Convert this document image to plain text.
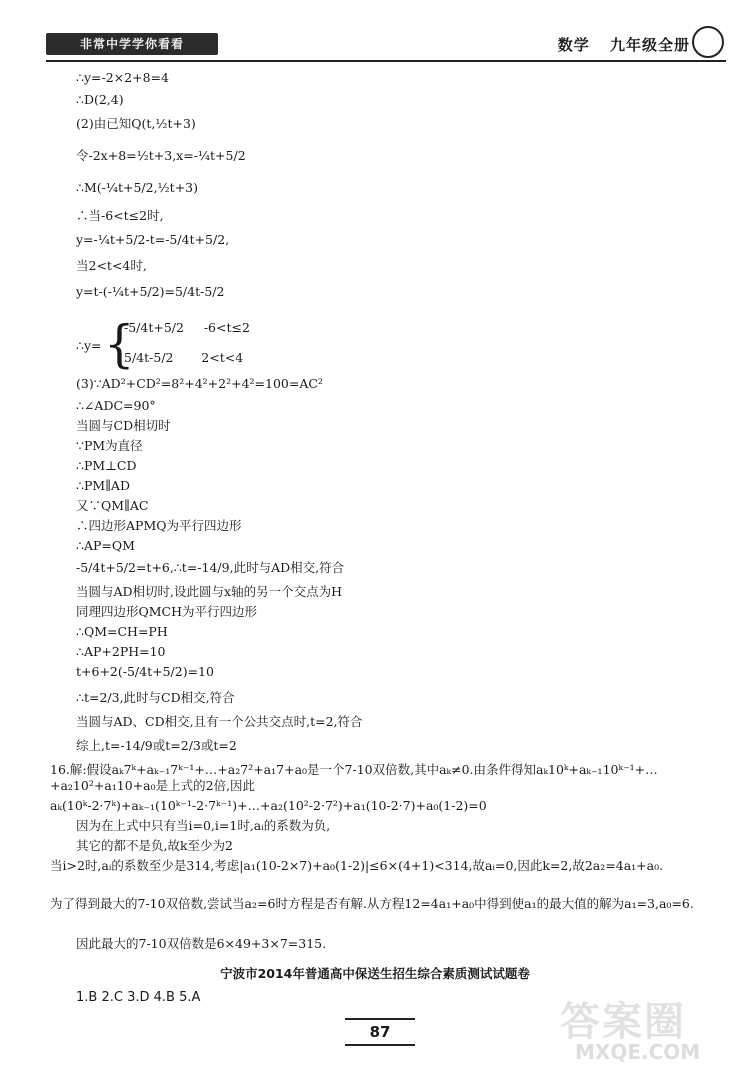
非常中学学你看看	数学 九年级全册
∴y=-2×2+8=4
∴D(2,4)
(2)由已知Q(t,½t+3)
令-2x+8=½t+3,x=-¼t+5/2
∴M(-¼t+5/2,½t+3)
∴当-6<t≤2时,
y=-¼t+5/2-t=-5/4t+5/2,
当2<t<4时,
y=t-(-¼t+5/2)=5/4t-5/2
∴y= {
-5/4t+5/2     -6<t≤2
5/4t-5/2       2<t<4
(3)∵AD²+CD²=8²+4²+2²+4²=100=AC²
∴∠ADC=90°
当圆与CD相切时
∵PM为直径
∴PM⊥CD
∴PM∥AD
又∵QM∥AC
∴四边形APMQ为平行四边形
∴AP=QM
-5/4t+5/2=t+6,∴t=-14/9,此时与AD相交,符合
当圆与AD相切时,设此圆与x轴的另一个交点为H
同理四边形QMCH为平行四边形
∴QM=CH=PH
∴AP+2PH=10
t+6+2(-5/4t+5/2)=10
∴t=2/3,此时与CD相交,符合
当圆与AD、CD相交,且有一个公共交点时,t=2,符合
综上,t=-14/9或t=2/3或t=2
16.解:假设aₖ7ᵏ+aₖ₋₁7ᵏ⁻¹+…+a₂7²+a₁7+a₀是一个7-10双倍数,其中aₖ≠0.由条件得知aₖ10ᵏ+aₖ₋₁10ᵏ⁻¹+…+a₂10²+a₁10+a₀是上式的2倍,因此
aₖ(10ᵏ-2·7ᵏ)+aₖ₋₁(10ᵏ⁻¹-2·7ᵏ⁻¹)+…+a₂(10²-2·7²)+a₁(10-2·7)+a₀(1-2)=0
因为在上式中只有当i=0,i=1时,aᵢ的系数为负,
其它的都不是负,故k至少为2
当i>2时,aᵢ的系数至少是314,考虑|a₁(10-2×7)+a₀(1-2)|≤6×(4+1)<314,故aᵢ=0,因此k=2,故2a₂=4a₁+a₀.
为了得到最大的7-10双倍数,尝试当a₂=6时方程是否有解.从方程12=4a₁+a₀中得到使a₁的最大值的解为a₁=3,a₀=6.
因此最大的7-10双倍数是6×49+3×7=315.
宁波市2014年普通高中保送生招生综合素质测试试题卷
1.B 2.C 3.D 4.B 5.A
87	答案圈
MXQE.COM
